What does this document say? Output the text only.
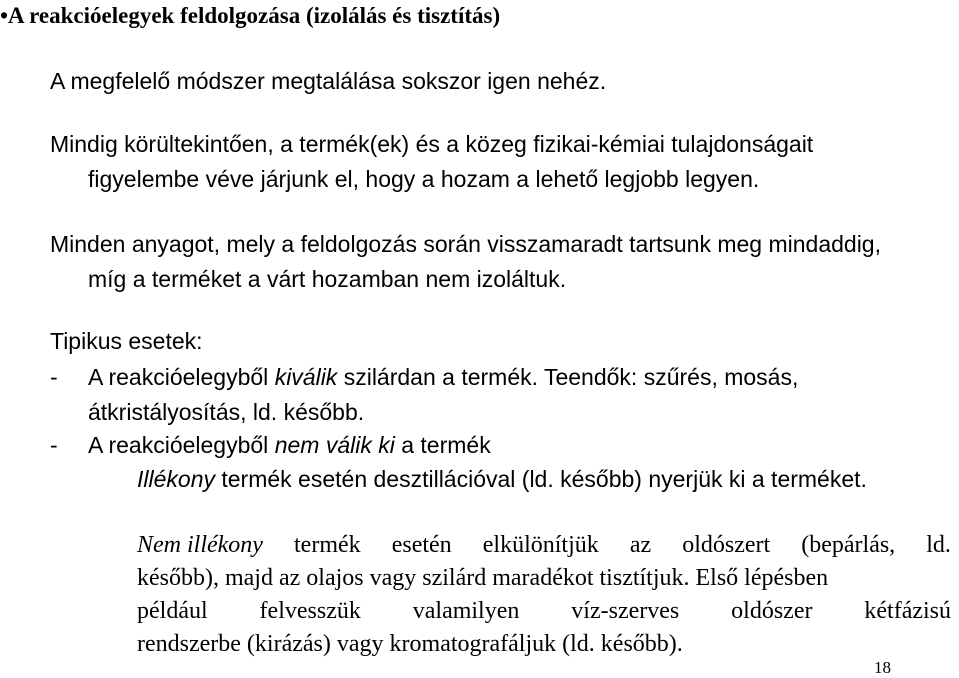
•A reakcióelegyek feldolgozása (izolálás és tisztítás)
A megfelelő módszer megtalálása sokszor igen nehéz.
Mindig körültekintően, a termék(ek) és a közeg fizikai-kémiai tulajdonságait
figyelembe véve járjunk el, hogy a hozam a lehető legjobb legyen.
Minden anyagot, mely a feldolgozás során visszamaradt tartsunk meg mindaddig,
míg a terméket a várt hozamban nem izoláltuk.
Tipikus esetek:
- A reakcióelegyből kiválik szilárdan a termék. Teendők: szűrés, mosás,
átkristályosítás, ld. később.
- A reakcióelegyből nem válik ki a termék
Illékony termék esetén desztillációval (ld. később) nyerjük ki a terméket.
Nem illékony termék esetén elkülönítjük az oldószert (bepárlás, ld.
később), majd az olajos vagy szilárd maradékot tisztítjuk. Első lépésben
például felvesszük valamilyen víz-szerves oldószer kétfázisú
rendszerbe (kirázás) vagy kromatografáljuk (ld. később).
18
